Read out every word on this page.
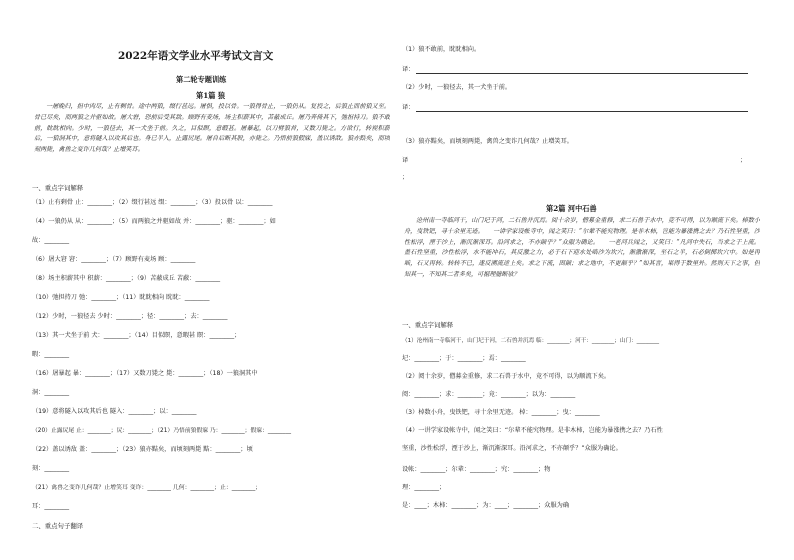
2022年语文学业水平考试文言文
第二轮专题训练
第1篇 狼
一屠晚归，担中肉尽，止有剩骨。途中两狼，缀行甚远。屠惧，投以骨。一狼得骨止，一狼仍从。复投之，后狼止而前狼又至。骨已尽矣，而两狼之并驱如故。屠大窘，恐前后受其敌。顾野有麦场，场主积薪其中，苫蔽成丘。屠乃奔倚其下，弛担持刀。狼不敢前，眈眈相向。少时，一狼径去，其一犬坐于前。久之，目似瞑，意暇甚。屠暴起，以刀劈狼首，又数刀毙之。方欲行，转视积薪后，一狼洞其中，意将隧入以攻其后也。身已半入，止露尻尾。屠自后断其股，亦毙之。乃悟前狼假寐，盖以诱敌。狼亦黠矣，而顷刻两毙，禽兽之变诈几何哉？止增笑耳。
一、重点字词解释
（1）止有剩骨 止：________；（2）缀行甚远 缀：________；（3）投以骨 以：________
（4）一狼仍从 从：________；（5）而两狼之并驱如故 并：________；驱：________；如
故：________
（6）屠大窘 窘：________；（7）顾野有麦场 顾：________
（8）场主积薪其中 积薪：________；（9）苫蔽成丘 苫蔽：________
（10）弛担持刀 弛：________；（11）眈眈相向 眈眈：________
（12）少时，一狼径去 少时：________；径：________；去：________
（13）其一犬坐于前 犬：________；（14）目似瞑，意暇甚 瞑：________；
暇：________
（16）屠暴起 暴：________；（17）又数刀毙之 毙：________；（18）一狼洞其中
洞：________
（19）意将隧入以攻其后也 隧入：________；以：________
（20）止露尻尾 止：________；尻：________；（21）乃悟前狼假寐 乃：________；假寐：________
（22）盖以诱敌 盖：________；（23）狼亦黠矣，而顷刻两毙 黠：________；顷
刻：________
（21）禽兽之变诈几何哉？止增笑耳 变诈：________ 几何：________；止：________；
耳：________
二、重点句子翻译
（1）狼不敢前，眈眈相向。
译：
（2）少时，一狼径去，其一犬坐于前。
译：
（3）狼亦黠矣，而顷刻两毙，禽兽之变诈几何哉？止增笑耳。
译	；
；
第2篇 河中石兽
沧州南一寺临河干，山门圮于河，二石兽并沉焉。阅十余岁，僧募金重修，求二石兽于水中，竟不可得，以为顺流下矣。棹数小舟，曳铁钯，寻十余里无迹。　　一讲学家设帐寺中，闻之笑曰：“尔辈不能究物理。是非木柿，岂能为暴涨携之去？乃石性坚重，沙性松浮，湮于沙上，渐沉渐深耳。沿河求之，不亦颠乎？”众服为确论。　　一老河兵闻之，又笑曰：“凡河中失石，当求之于上流。盖石性坚重，沙性松浮，水不能冲石，其反激之力，必于石下迎水处啮沙为坎穴，渐激渐深，至石之半，石必倒掷坎穴中。如是再啮，石又再转。转转不已，遂反溯流逆上矣。求之下流，固颠；求之地中，不更颠乎？”如其言，果得于数里外。然则天下之事，但知其一，不知其二者多矣，可据理臆断欤？
一、重点字词解释
（1）沧州南一寺临河干，山门圮于河，二石兽并沉焉 临：________；河干：________；山门：________
圮：________；于：________；焉：________
（2）阅十余岁，僧募金重修，求二石兽于水中，竟不可得，以为顺流下矣。
阅：________；求：________；竟：________；以为：________
（3）棹数小舟，曳铁钯，寻十余里无迹。 棹：________；曳：________
（4）一讲学家设帐寺中，闻之笑曰：“尔辈不能究物理。是非木柿，岂能为暴涨携之去？乃石性
坚重，沙性松浮，湮于沙上，渐沉渐深耳。沿河求之，不亦颠乎？”众服为确论。
设帐：________；尔辈：________；究：________；物
理：________；
是：____；木柿：________；为：____；________；众服为确
